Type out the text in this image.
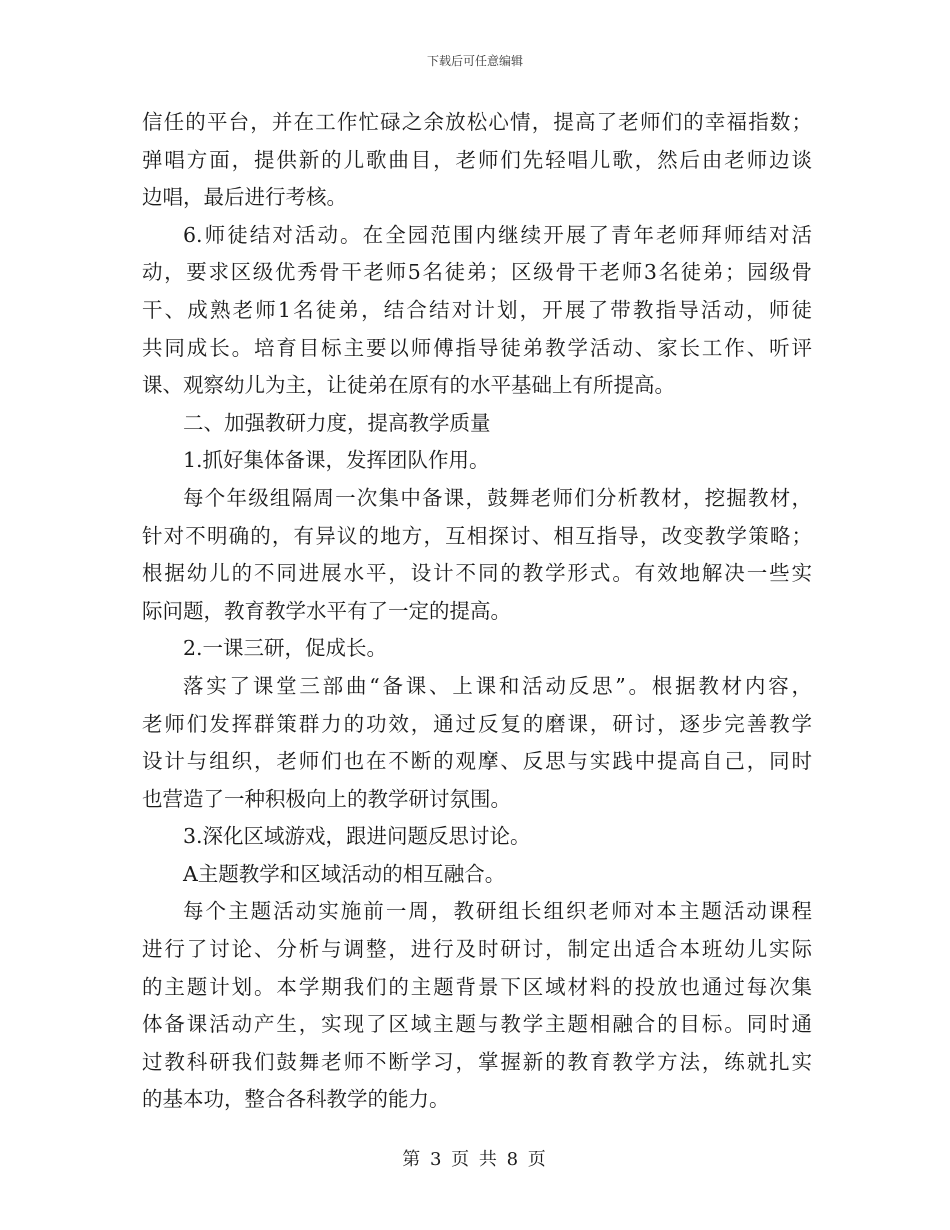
下载后可任意编辑
信任的平台，并在工作忙碌之余放松心情，提高了老师们的幸福指数；
弹唱方面，提供新的儿歌曲目，老师们先轻唱儿歌，然后由老师边谈
边唱，最后进行考核。
6.师徒结对活动。在全园范围内继续开展了青年老师拜师结对活
动，要求区级优秀骨干老师5名徒弟；区级骨干老师3名徒弟；园级骨
干、成熟老师1名徒弟，结合结对计划，开展了带教指导活动，师徒
共同成长。培育目标主要以师傅指导徒弟教学活动、家长工作、听评
课、观察幼儿为主，让徒弟在原有的水平基础上有所提高。
二、加强教研力度，提高教学质量
1.抓好集体备课，发挥团队作用。
每个年级组隔周一次集中备课，鼓舞老师们分析教材，挖掘教材，
针对不明确的，有异议的地方，互相探讨、相互指导，改变教学策略；
根据幼儿的不同进展水平，设计不同的教学形式。有效地解决一些实
际问题，教育教学水平有了一定的提高。
2.一课三研，促成长。
落实了课堂三部曲“备课、上课和活动反思”。根据教材内容，
老师们发挥群策群力的功效，通过反复的磨课，研讨，逐步完善教学
设计与组织，老师们也在不断的观摩、反思与实践中提高自己，同时
也营造了一种积极向上的教学研讨氛围。
3.深化区域游戏，跟进问题反思讨论。
A主题教学和区域活动的相互融合。
每个主题活动实施前一周，教研组长组织老师对本主题活动课程
进行了讨论、分析与调整，进行及时研讨，制定出适合本班幼儿实际
的主题计划。本学期我们的主题背景下区域材料的投放也通过每次集
体备课活动产生，实现了区域主题与教学主题相融合的目标。同时通
过教科研我们鼓舞老师不断学习，掌握新的教育教学方法，练就扎实
的基本功，整合各科教学的能力。
第 3 页 共 8 页
